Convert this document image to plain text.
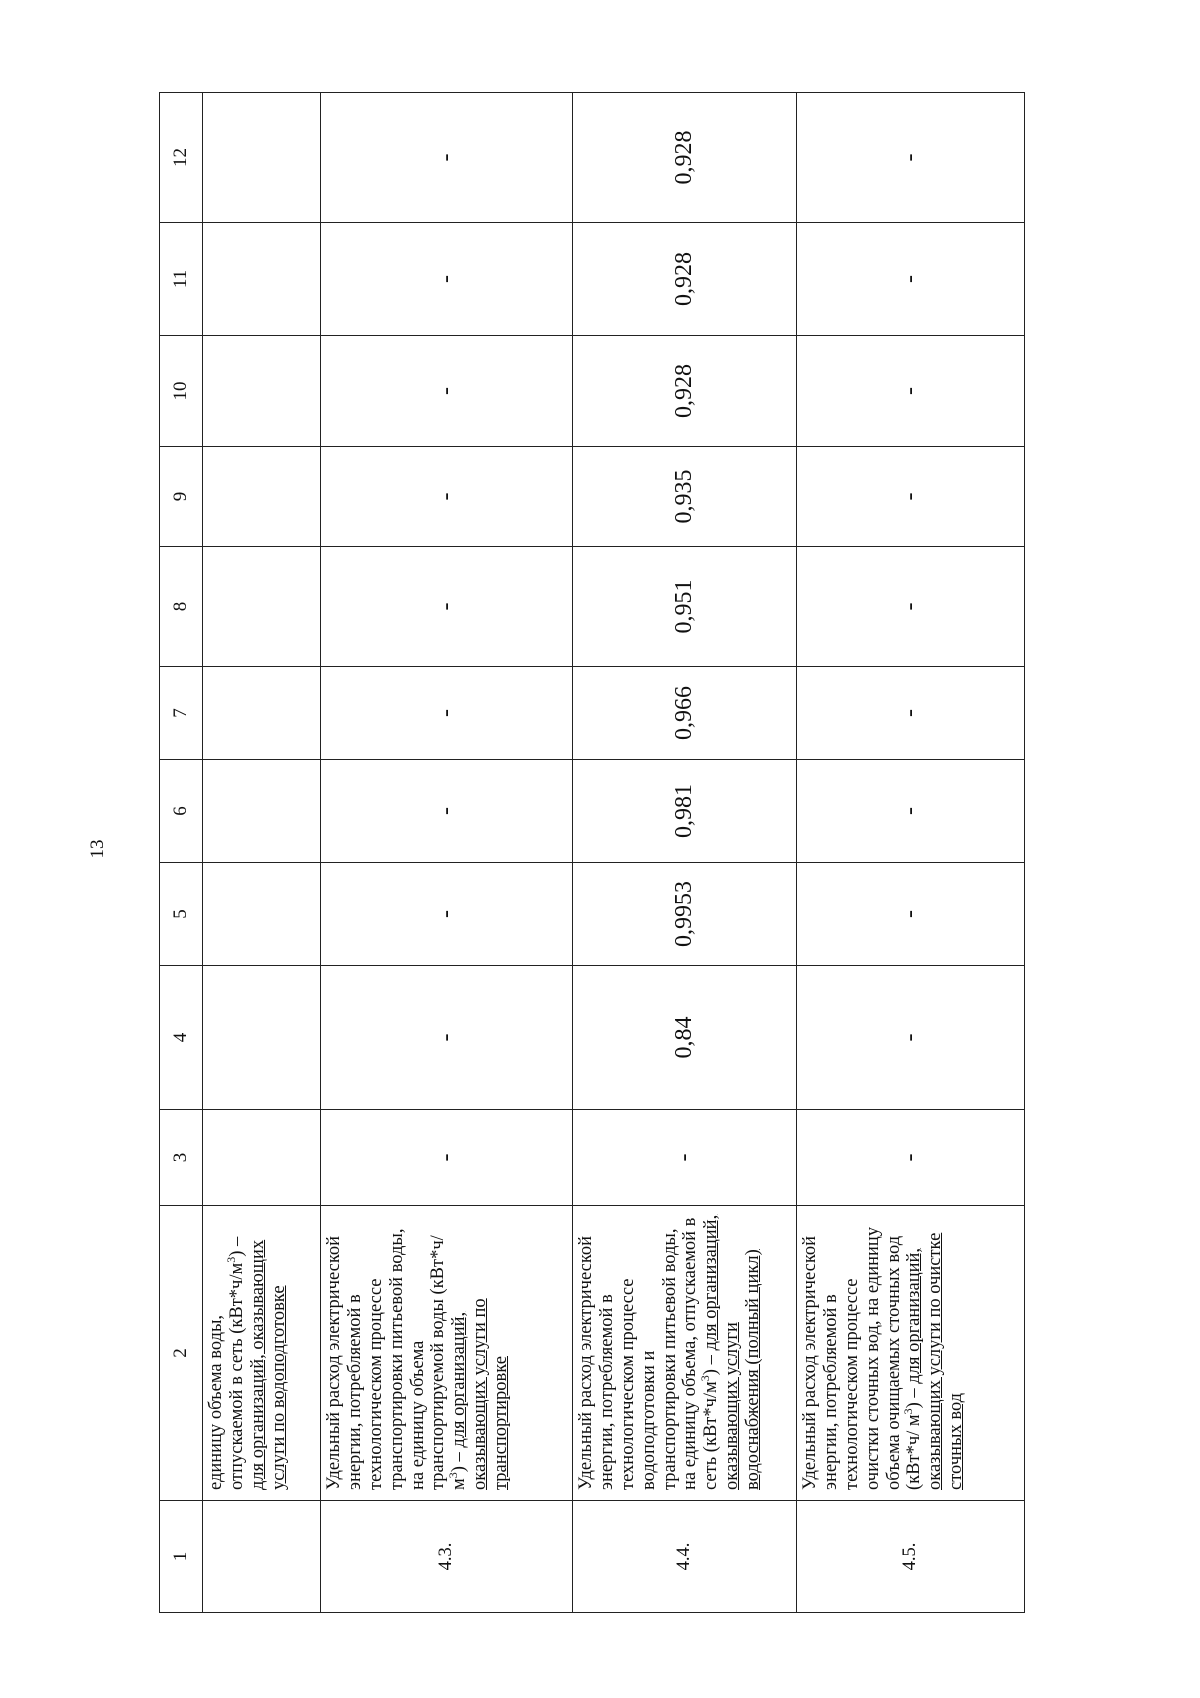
13
1	2	3	4	5	6	7	8	9	10	11	12
	единицу объема воды, отпускаемой в сеть $(кВт*ч/м^3)$ – для организаций, оказывающих услуги по водоподготовке										
4.3.	Удельный расход электрической энергии, потребляемой в технологическом процессе транспортировки питьевой воды, на единицу объема транспортируемой воды $(кВт*ч/м^3)$ – для организаций, оказывающих услуги по транспортировке	-	-	-	-	-	-	-	-	-	-
4.4.	Удельный расход электрической энергии, потребляемой в технологическом процессе водоподготовки и транспортировки питьевой воды, на единицу объема, отпускаемой в сеть $(кВт*ч/м^3)$ – для организаций, оказывающих услуги водоснабжения (полный цикл)	-	0,84	0,9953	0,981	0,966	0,951	0,935	0,928	0,928	0,928
4.5.	Удельный расход электрической энергии, потребляемой в технологическом процессе очистки сточных вод, на единицу объема очищаемых сточных вод (кВт*ч/ $м^3$) – для организаций, оказывающих услуги по очистке сточных вод	-	-	-	-	-	-	-	-	-	-
